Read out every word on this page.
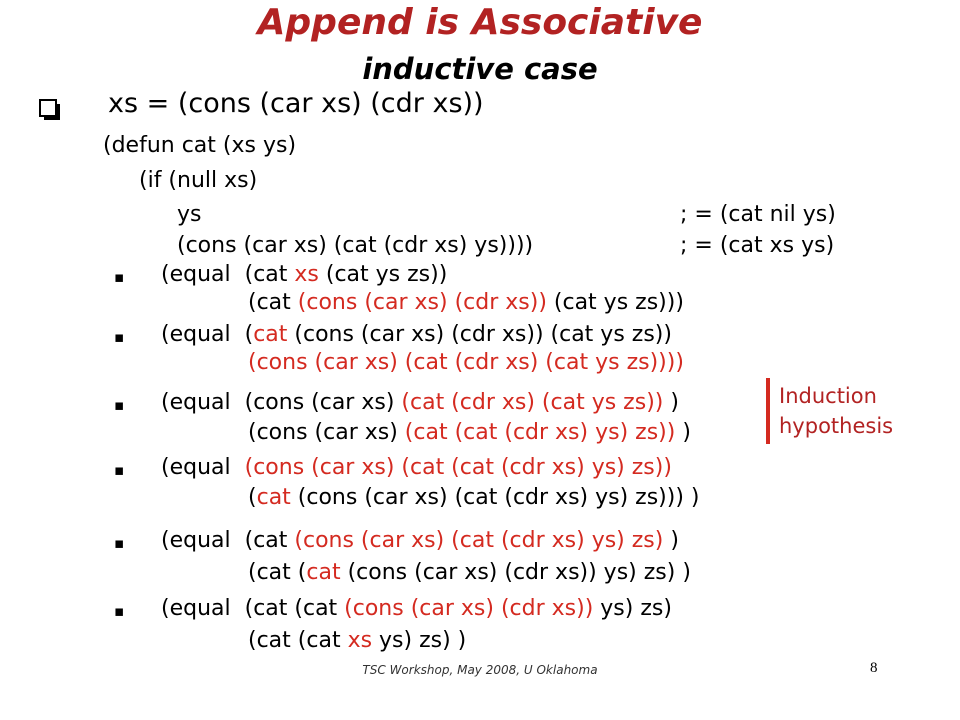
Append is Associative
inductive case
xs = (cons (car xs) (cdr xs))
(defun cat (xs ys)
(if (null xs)
ys	; = (cat nil ys)
(cons (car xs) (cat (cdr xs) ys))))	; = (cat xs ys)
▪ (equal  (cat xs (cat ys zs))
(cat (cons (car xs) (cdr xs)) (cat ys zs)))
▪ (equal  (cat (cons (car xs) (cdr xs)) (cat ys zs))
(cons (car xs) (cat (cdr xs) (cat ys zs))))
▪ (equal  (cons (car xs) (cat (cdr xs) (cat ys zs)) )
(cons (car xs) (cat (cat (cdr xs) ys) zs)) )
▪ (equal  (cons (car xs) (cat (cat (cdr xs) ys) zs))
(cat (cons (car xs) (cat (cdr xs) ys) zs))) )
▪ (equal  (cat (cons (car xs) (cat (cdr xs) ys) zs) )
(cat (cat (cons (car xs) (cdr xs)) ys) zs) )
▪ (equal  (cat (cat (cons (car xs) (cdr xs)) ys) zs)
(cat (cat xs ys) zs) )
Induction
hypothesis
TSC Workshop, May 2008, U Oklahoma	8
